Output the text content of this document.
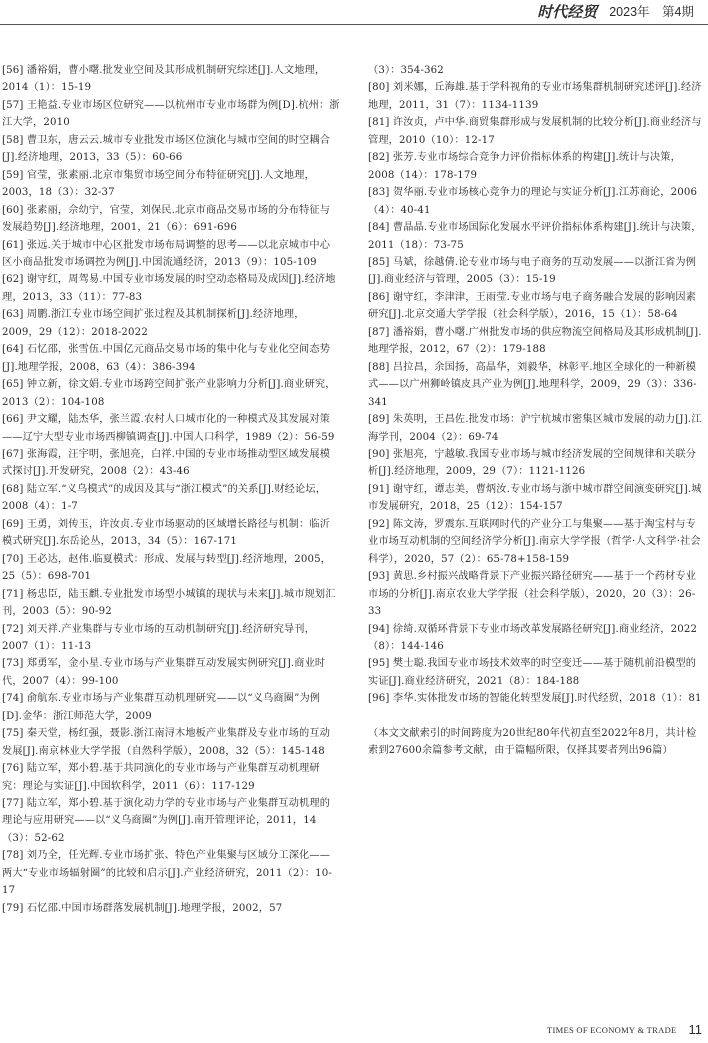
时代经贸 2023年　第4期

[56] 潘裕娟，曹小曙.批发业空间及其形成机制研究综述[J].人文地理，2014（1）：15-19

[57] 王艳益.专业市场区位研究——以杭州市专业市场群为例[D].杭州：浙江大学，2010

[58] 曹卫东，唐云云.城市专业批发市场区位演化与城市空间的时空耦合[J].经济地理，2013，33（5）：60-66

[59] 官莹，张素丽.北京市集贸市场空间分布特征研究[J].人文地理，2003，18（3）：32-37

[60] 张素丽，佘幼宁，官莹，刘保民.北京市商品交易市场的分布特征与发展趋势[J].经济地理，2001，21（6）：691-696

[61] 张远.关于城市中心区批发市场布局调整的思考——以北京城市中心区小商品批发市场调控为例[J].中国流通经济，2013（9）：105-109

[62] 谢守红，周驾易.中国专业市场发展的时空动态格局及成因[J].经济地理，2013，33（11）：77-83

[63] 周鹏.浙江专业市场空间扩张过程及其机制探析[J].经济地理，2009，29（12）：2018-2022

[64] 石忆邵，张雪伍.中国亿元商品交易市场的集中化与专业化空间态势[J].地理学报，2008，63（4）：386-394

[65] 钟立新，徐文娟.专业市场跨空间扩张产业影响力分析[J].商业研究，2013（2）：104-108

[66] 尹文耀，陆杰华，张兰霞.农村人口城市化的一种模式及其发展对策——辽宁大型专业市场西柳镇调查[J].中国人口科学，1989（2）：56-59

[67] 张海霞，汪宇明，张旭亮，白祥.中国的专业市场推动型区域发展模式探讨[J].开发研究，2008（2）：43-46

[68] 陆立军.“义乌模式”的成因及其与“浙江模式”的关系[J].财经论坛，2008（4）：1-7

[69] 王勇，刘传玉，许汝贞.专业市场驱动的区域增长路径与机制：临沂模式研究[J].东岳论丛，2013，34（5）：167-171

[70] 王必达，赵伟.临夏模式：形成、发展与转型[J].经济地理，2005，25（5）：698-701

[71] 杨忠臣，陆玉麒.专业批发市场型小城镇的现状与未来[J].城市规划汇刊，2003（5）：90-92

[72] 刘天祥.产业集群与专业市场的互动机制研究[J].经济研究导刊，2007（1）：11-13

[73] 郑勇军，金小星.专业市场与产业集群互动发展实例研究[J].商业时代，2007（4）：99-100

[74] 俞航东.专业市场与产业集群互动机理研究——以“义乌商圈”为例[D].金华：浙江师范大学，2009

[75] 秦天堂，杨红强，聂影.浙江南浔木地板产业集群及专业市场的互动发展[J].南京林业大学学报（自然科学版），2008，32（5）：145-148

[76] 陆立军，郑小碧.基于共同演化的专业市场与产业集群互动机理研究：理论与实证[J].中国软科学，2011（6）：117-129

[77] 陆立军，郑小碧.基于演化动力学的专业市场与产业集群互动机理的理论与应用研究——以“义乌商圈”为例[J].南开管理评论，2011，14（3）：52-62

[78] 刘乃全，任光辉.专业市场扩张、特色产业集聚与区域分工深化——两大“专业市场辐射圈”的比较和启示[J].产业经济研究，2011（2）：10-17

[79] 石忆邵.中国市场群落发展机制[J].地理学报，2002，57

（3）：354-362

[80] 刘米娜，丘海雄.基于学科视角的专业市场集群机制研究述评[J].经济地理，2011，31（7）：1134-1139

[81] 许汝贞，卢中华.商贸集群形成与发展机制的比较分析[J].商业经济与管理，2010（10）：12-17

[82] 张芳.专业市场综合竞争力评价指标体系的构建[J].统计与决策，2008（14）：178-179

[83] 贺华丽.专业市场核心竞争力的理论与实证分析[J].江苏商论，2006（4）：40-41

[84] 曹晶晶.专业市场国际化发展水平评价指标体系构建[J].统计与决策，2011（18）：73-75

[85] 马斌，徐越倩.论专业市场与电子商务的互动发展——以浙江省为例[J].商业经济与管理，2005（3）：15-19

[86] 谢守红，李津津，王雨莹.专业市场与电子商务融合发展的影响因素研究[J].北京交通大学学报（社会科学版），2016，15（1）：58-64

[87] 潘裕娟，曹小曙.广州批发市场的供应物流空间格局及其形成机制[J].地理学报，2012，67（2）：179-188

[88] 吕拉昌，余国扬，高晶华，刘毅华，林彰平.地区全球化的一种新模式——以广州狮岭镇皮具产业为例[J].地理科学，2009，29（3）：336-341

[89] 朱英明，王昌佐.批发市场：沪宁杭城市密集区城市发展的动力[J].江海学刊，2004（2）：69-74

[90] 张旭亮，宁越敏.我国专业市场与城市经济发展的空间规律和关联分析[J].经济地理，2009，29（7）：1121-1126

[91] 谢守红，谭志美，曹炳汝.专业市场与浙中城市群空间演变研究[J].城市发展研究，2018，25（12）：154-157

[92] 陈文涛，罗震东.互联网时代的产业分工与集聚——基于淘宝村与专业市场互动机制的空间经济学分析[J].南京大学学报（哲学·人文科学·社会科学），2020，57（2）：65-78+158-159

[93] 黄思.乡村振兴战略背景下产业振兴路径研究——基于一个药材专业市场的分析[J].南京农业大学学报（社会科学版），2020，20（3）：26-33

[94] 徐绮.双循环背景下专业市场改革发展路径研究[J].商业经济，2022（8）：144-146

[95] 樊士聪.我国专业市场技术效率的时空变迁——基于随机前沿模型的实证[J].商业经济研究，2021（8）：184-188

[96] 李华.实体批发市场的智能化转型发展[J].时代经贸，2018（1）：81

（本文文献索引的时间跨度为20世纪80年代初直至2022年8月，共计检索到27600余篇参考文献，由于篇幅所限，仅择其要者列出96篇）

TIMES OF ECONOMY & TRADE 11
